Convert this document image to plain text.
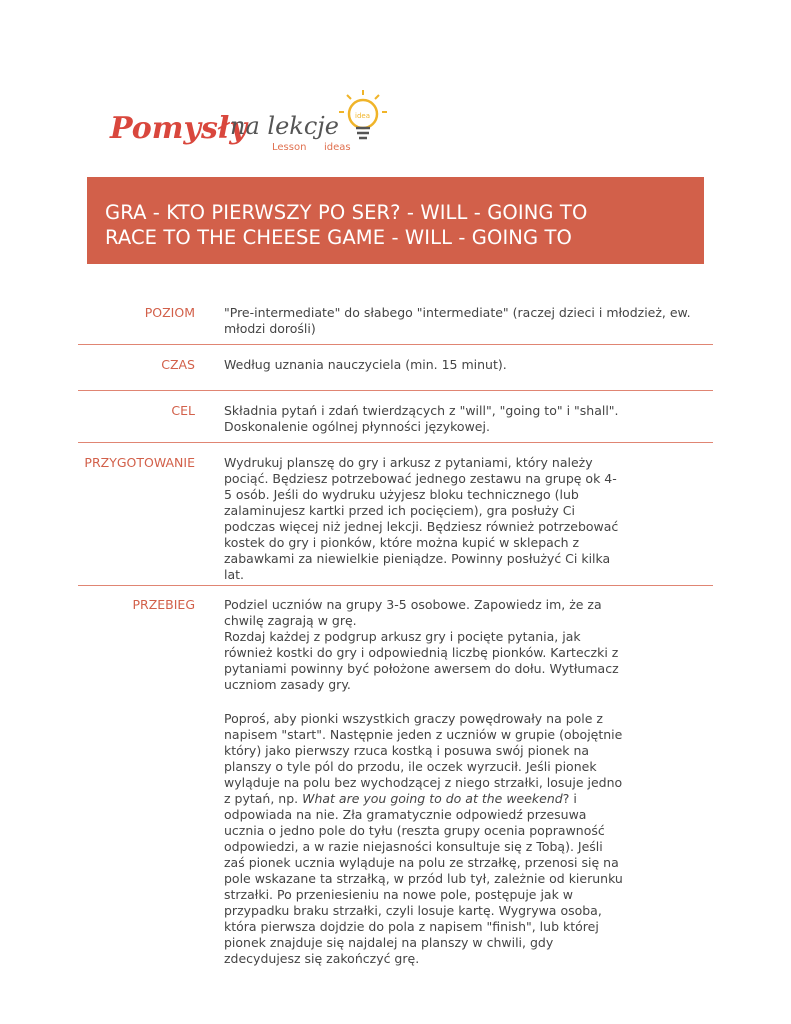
Pomysły
na lekcje
Lesson ideas
idea
GRA - KTO PIERWSZY PO SER? - WILL - GOING TO
RACE TO THE CHEESE GAME - WILL - GOING TO
POZIOM "Pre-intermediate" do słabego "intermediate" (raczej dzieci i młodzież, ew. młodzi dorośli)
CZAS Według uznania nauczyciela (min. 15 minut).
CEL Składnia pytań i zdań twierdzących z "will", "going to" i "shall". Doskonalenie ogólnej płynności językowej.
PRZYGOTOWANIE Wydrukuj planszę do gry i arkusz z pytaniami, który należy pociąć. Będziesz potrzebować jednego zestawu na grupę ok 4-5 osób. Jeśli do wydruku użyjesz bloku technicznego (lub zalaminujesz kartki przed ich pocięciem), gra posłuży Ci podczas więcej niż jednej lekcji. Będziesz również potrzebować kostek do gry i pionków, które można kupić w sklepach z zabawkami za niewielkie pieniądze. Powinny posłużyć Ci kilka lat.
PRZEBIEG Podziel uczniów na grupy 3-5 osobowe. Zapowiedz im, że za chwilę zagrają w grę.

Rozdaj każdej z podgrup arkusz gry i pocięte pytania, jak również kostki do gry i odpowiednią liczbę pionków. Karteczki z pytaniami powinny być położone awersem do dołu. Wytłumacz uczniom zasady gry.

Poproś, aby pionki wszystkich graczy powędrowały na pole z napisem "start". Następnie jeden z uczniów w grupie (obojętnie który) jako pierwszy rzuca kostką i posuwa swój pionek na planszy o tyle pól do przodu, ile oczek wyrzucił. Jeśli pionek wyląduje na polu bez wychodzącej z niego strzałki, losuje jedno z pytań, np. What are you going to do at the weekend? i odpowiada na nie. Zła gramatycznie odpowiedź przesuwa ucznia o jedno pole do tyłu (reszta grupy ocenia poprawność odpowiedzi, a w razie niejasności konsultuje się z Tobą). Jeśli zaś pionek ucznia wyląduje na polu ze strzałkę, przenosi się na pole wskazane ta strzałką, w przód lub tył, zależnie od kierunku strzałki. Po przeniesieniu na nowe pole, postępuje jak w przypadku braku strzałki, czyli losuje kartę. Wygrywa osoba, która pierwsza dojdzie do pola z napisem "finish", lub której pionek znajduje się najdalej na planszy w chwili, gdy zdecydujesz się zakończyć grę.
